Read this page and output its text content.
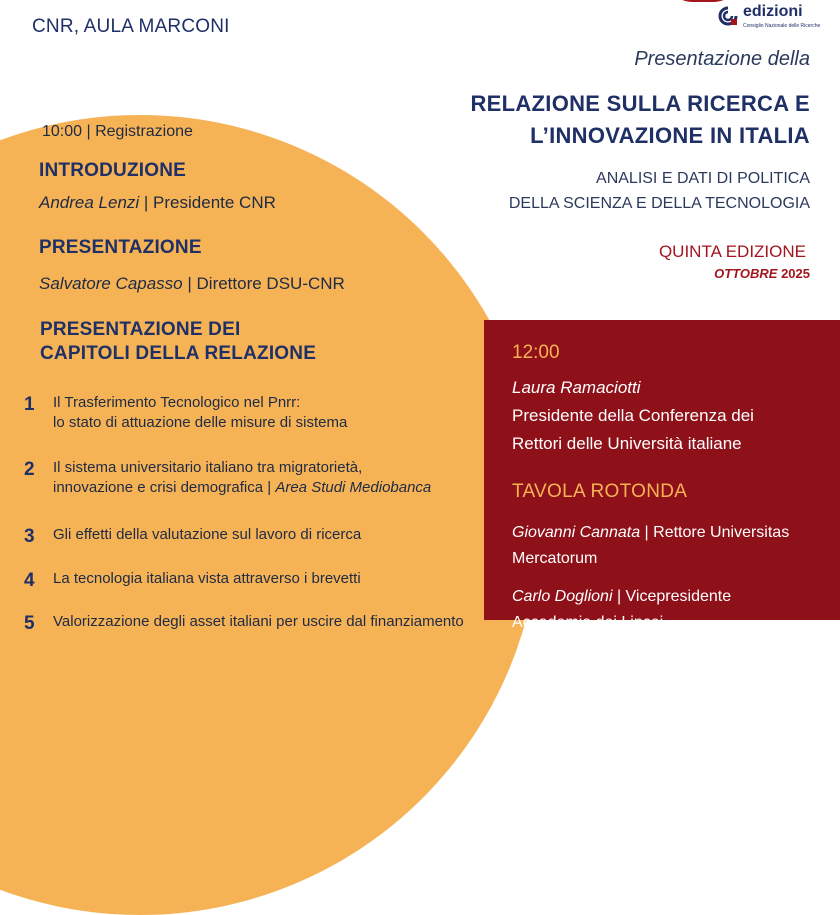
CNR, AULA MARCONI
edizioni
Consiglio Nazionale delle Ricerche
Presentazione della
RELAZIONE SULLA RICERCA E
L’INNOVAZIONE IN ITALIA
ANALISI E DATI DI POLITICA
DELLA SCIENZA E DELLA TECNOLOGIA
QUINTA EDIZIONE
OTTOBRE 2025
10:00 | Registrazione
INTRODUZIONE
Andrea Lenzi | Presidente CNR
PRESENTAZIONE
Salvatore Capasso | Direttore DSU-CNR
PRESENTAZIONE DEI
CAPITOLI DELLA RELAZIONE
1 Il Trasferimento Tecnologico nel Pnrr:
lo stato di attuazione delle misure di sistema
2 Il sistema universitario italiano tra migratorietà,
innovazione e crisi demografica | Area Studi Mediobanca
3 Gli effetti della valutazione sul lavoro di ricerca
4 La tecnologia italiana vista attraverso i brevetti
5 Valorizzazione degli asset italiani per uscire dal finanziamento
12:00
Laura Ramaciotti
Presidente della Conferenza dei
Rettori delle Università italiane
TAVOLA ROTONDA
Giovanni Cannata | Rettore Universitas
Mercatorum
Carlo Doglioni | Vicepresidente
Accademia dei Lincei
